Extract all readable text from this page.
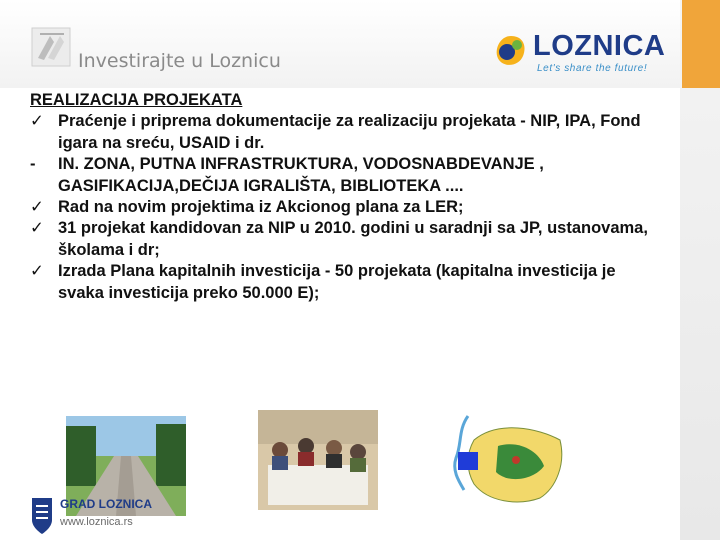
Investirajte u Loznicu	LOZNICA
Let's share the future!
REALIZACIJA PROJEKATA
✓ Praćenje i priprema dokumentacije za realizaciju projekata - NIP, IPA, Fond igara na sreću, USAID i dr.
- IN. ZONA, PUTNA INFRASTRUKTURA, VODOSNABDEVANJE , GASIFIKACIJA,DEČIJA IGRALIŠTA, BIBLIOTEKA ....
✓ Rad na novim projektima iz Akcionog plana za LER;
✓ 31 projekat kandidovan za NIP u 2010. godini u saradnji sa JP, ustanovama, školama i dr;
✓ Izrada Plana kapitalnih investicija - 50 projekata (kapitalna investicija je svaka investicija preko 50.000 E);
GRAD LOZNICA
www.loznica.rs
